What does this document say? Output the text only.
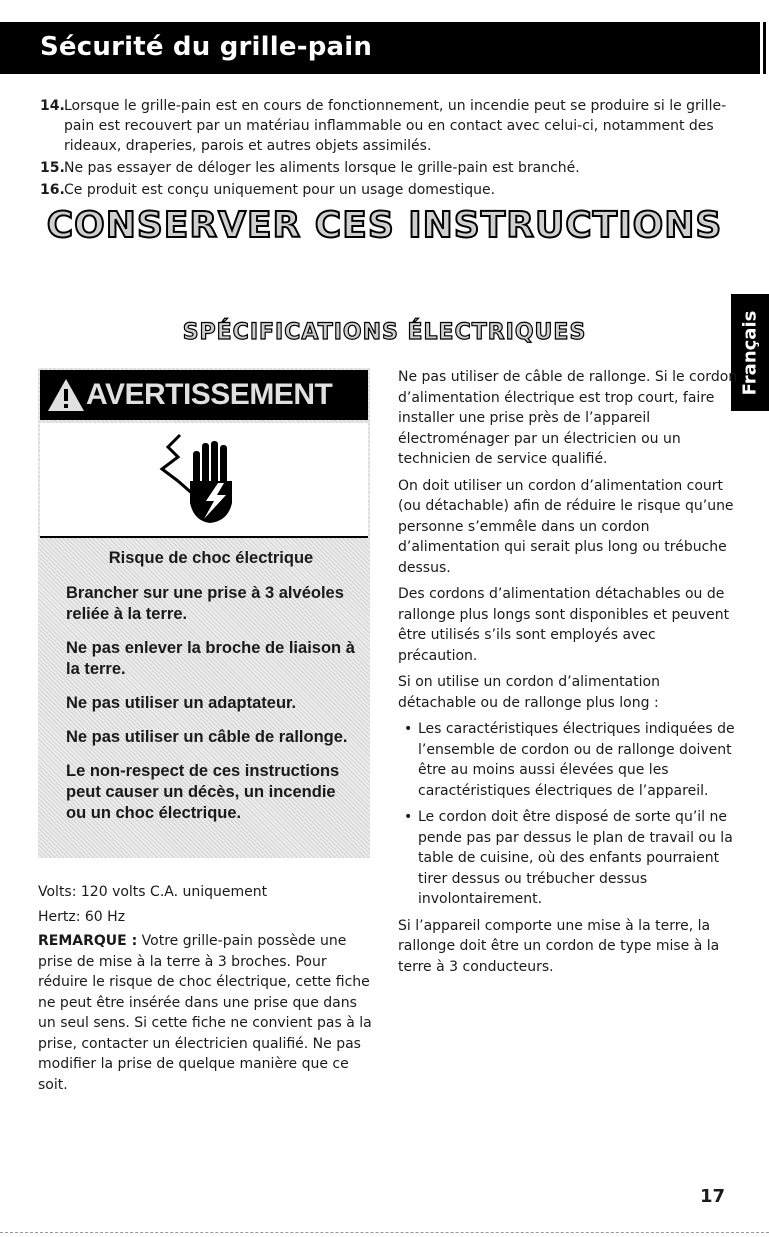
Sécurité du grille-pain
14.Lorsque le grille-pain est en cours de fonctionnement, un incendie peut se produire si le grille-pain est recouvert par un matériau inflammable ou en contact avec celui-ci, notamment des rideaux, draperies, parois et autres objets assimilés.
15.Ne pas essayer de déloger les aliments lorsque le grille-pain est branché.
16.Ce produit est conçu uniquement pour un usage domestique.
CONSERVER CES INSTRUCTIONS
SPÉCIFICATIONS ÉLECTRIQUES	Français
AVERTISSEMENT
Risque de choc électrique
Brancher sur une prise à 3 alvéoles reliée à la terre.
Ne pas enlever la broche de liaison à la terre.
Ne pas utiliser un adaptateur.
Ne pas utiliser un câble de rallonge.
Le non-respect de ces instructions peut causer un décès, un incendie ou un choc électrique.

Volts: 120 volts C.A. uniquement

Hertz: 60 Hz

REMARQUE : Votre grille-pain possède une prise de mise à la terre à 3 broches. Pour réduire le risque de choc électrique, cette fiche ne peut être insérée dans une prise que dans un seul sens. Si cette fiche ne convient pas à la prise, contacter un électricien qualifié. Ne pas modifier la prise de quelque manière que ce soit.

Ne pas utiliser de câble de rallonge. Si le cordon d’alimentation électrique est trop court, faire installer une prise près de l’appareil électroménager par un électricien ou un technicien de service qualifié.

On doit utiliser un cordon d’alimentation court (ou détachable) afin de réduire le risque qu’une personne s’emmêle dans un cordon d’alimentation qui serait plus long ou trébuche dessus.

Des cordons d’alimentation détachables ou de rallonge plus longs sont disponibles et peuvent être utilisés s’ils sont employés avec précaution.

Si on utilise un cordon d’alimentation détachable ou de rallonge plus long :

• Les caractéristiques électriques indiquées de l’ensemble de cordon ou de rallonge doivent être au moins aussi élevées que les caractéristiques électriques de l’appareil.
• Le cordon doit être disposé de sorte qu’il ne pende pas par dessus le plan de travail ou la table de cuisine, où des enfants pourraient tirer dessus ou trébucher dessus involontairement.

Si l’appareil comporte une mise à la terre, la rallonge doit être un cordon de type mise à la terre à 3 conducteurs.

17
